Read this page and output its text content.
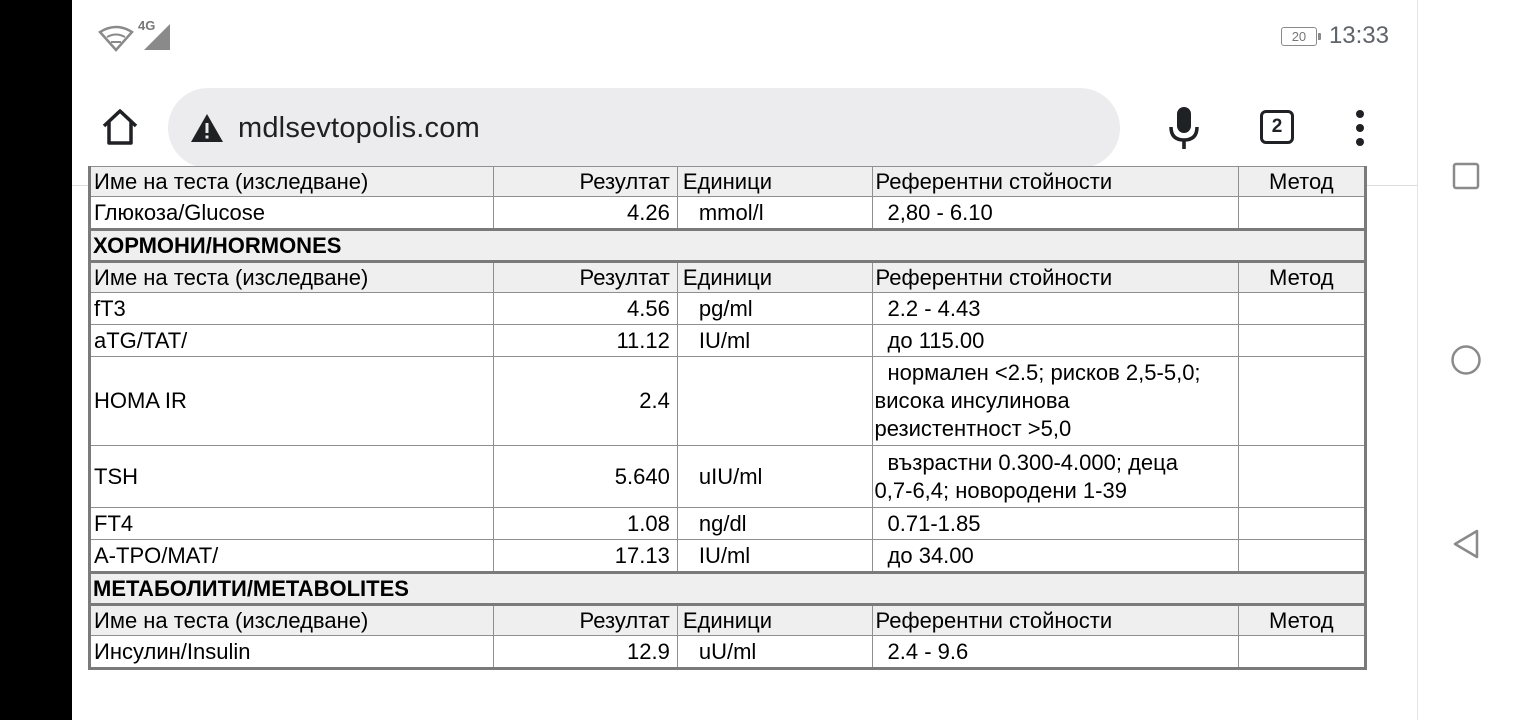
4G
20 13:33
mdlsevtopolis.com	2
Име на теста (изследване)	Резултат	Единици	Референтни стойности	Метод
Глюкоза/Glucose	4.26	mmol/l	2,80 - 6.10	
ХОРМОНИ/HORMONES				
Име на теста (изследване)	Резултат	Единици	Референтни стойности	Метод
fT3	4.56	pg/ml	2.2 - 4.43	
aTG/TAT/	11.12	IU/ml	до 115.00	
HOMA IR	2.4		нормален <2.5; рисков 2,5-5,0;
висока инсулинова
резистентност >5,0	

TSH	5.640	uIU/ml	възрастни 0.300-4.000; деца
0,7-6,4; новородени 1-39	

FT4	1.08	ng/dl	0.71-1.85	
A-TPO/MAT/	17.13	IU/ml	до 34.00	
МЕТАБОЛИТИ/METABOLITES				
Име на теста (изследване)	Резултат	Единици	Референтни стойности	Метод
Инсулин/Insulin	12.9	uU/ml	2.4 - 9.6	
